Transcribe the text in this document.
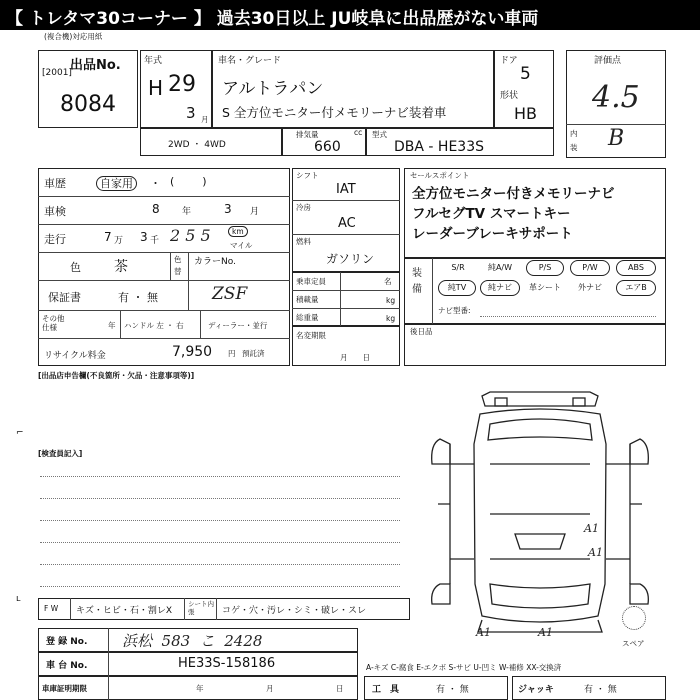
【 トレタマ30コーナー 】 過去30日以上 JU岐阜に出品歴がない車両
(複合機)対応用紙
出品No.
[2001]
8084
年式
H 29
3 月
車名・グレード
アルトラパン
S 全方位モニター付メモリーナビ装着車
ドア
5
形状
HB
評価点
4.5
内
装 B
2WD ・ 4WD
排気量	cc
660
型式
DBA - HE33S
車歴	自家用	・ (        )
車検	8 年	3 月
走行	7 万 3 千 2 5 5	km
マイル
色 茶	色
替
カラーNo.
保証書	有 ・ 無	ZSF
その他仕様	年 ハンドル 左 ・ 右	ディーラー・並行
リサイクル料金	7,950 円 預託済
シフト
IAT
冷房
AC
燃料
ガソリン
乗車定員	名
積載量	kg
総重量	kg
名変期限
月　　日
セールスポイント
全方位モニター付きメモリーナビ
フルセグTV スマートキー
レーダーブレーキサポート
装備
S/R	純A/W	P/S	P/W	ABS
純TV	純ナビ	革シート	外ナビ	エアB
ナビ型番:
後日品
[出品店申告欄(不良箇所・欠品・注意事項等)]
[検査員記入]
⌐
ʟ
F W キズ・ヒビ・石・割レX
シート内張	コゲ・穴・汚レ・シミ・破レ・スレ
A1
A1
A1	A1
スペア
登 録 No. 浜松  583  こ  2428
車 台 No.	HE33S-158186
車庫証明期限	年	月	日
A-キズ C-腐食 E-エクボ S-サビ U-凹ミ W-補修 XX-交換済
工　具	有 ・ 無	ジャッキ	有 ・ 無
